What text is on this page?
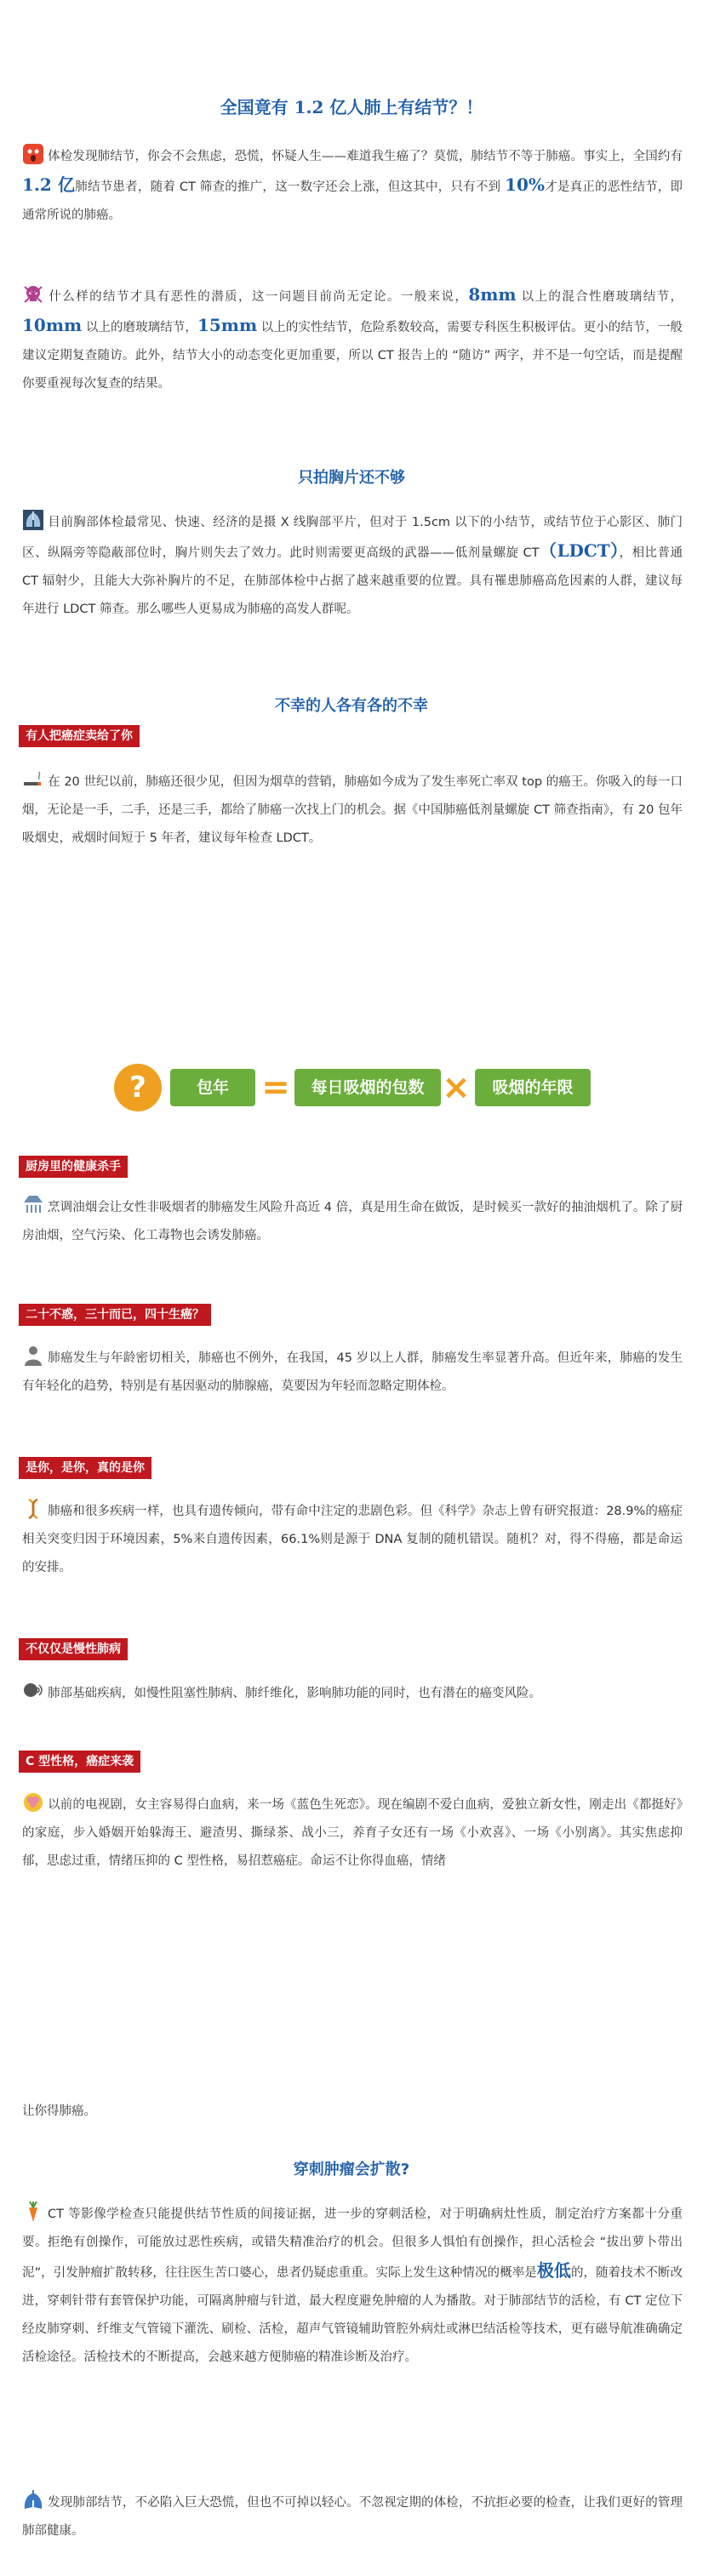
全国竟有 1.2 亿人肺上有结节？！
体检发现肺结节，你会不会焦虑，恐慌，怀疑人生——难道我生癌了？莫慌，肺结节不等于肺癌。事实上，全国约有 1.2 亿肺结节患者，随着 CT 筛查的推广，这一数字还会上涨，但这其中，只有不到 10%才是真正的恶性结节，即通常所说的肺癌。
什么样的结节才具有恶性的潜质，这一问题目前尚无定论。一般来说，8mm 以上的混合性磨玻璃结节，10mm 以上的磨玻璃结节，15mm 以上的实性结节，危险系数较高，需要专科医生积极评估。更小的结节，一般建议定期复查随访。此外，结节大小的动态变化更加重要，所以 CT 报告上的 “随访” 两字，并不是一句空话，而是提醒你要重视每次复查的结果。
只拍胸片还不够
目前胸部体检最常见、快速、经济的是摄 X 线胸部平片，但对于 1.5cm 以下的小结节，或结节位于心影区、肺门区、纵隔旁等隐蔽部位时，胸片则失去了效力。此时则需要更高级的武器——低剂量螺旋 CT（LDCT），相比普通 CT 辐射少，且能大大弥补胸片的不足，在肺部体检中占据了越来越重要的位置。具有罹患肺癌高危因素的人群，建议每年进行 LDCT 筛查。那么哪些人更易成为肺癌的高发人群呢。
不幸的人各有各的不幸
有人把癌症卖给了你
在 20 世纪以前，肺癌还很少见，但因为烟草的营销，肺癌如今成为了发生率死亡率双 top 的癌王。你吸入的每一口烟，无论是一手，二手，还是三手，都给了肺癌一次找上门的机会。据《中国肺癌低剂量螺旋 CT 筛查指南》，有 20 包年吸烟史，戒烟时间短于 5 年者，建议每年检查 LDCT。
?	包年 =	每日吸烟的包数 ×	吸烟的年限
厨房里的健康杀手
烹调油烟会让女性非吸烟者的肺癌发生风险升高近 4 倍，真是用生命在做饭，是时候买一款好的抽油烟机了。除了厨房油烟，空气污染、化工毒物也会诱发肺癌。
二十不惑，三十而已，四十生癌？
肺癌发生与年龄密切相关，肺癌也不例外，在我国，45 岁以上人群，肺癌发生率显著升高。但近年来，肺癌的发生有年轻化的趋势，特别是有基因驱动的肺腺癌，莫要因为年轻而忽略定期体检。
是你，是你，真的是你
肺癌和很多疾病一样，也具有遗传倾向，带有命中注定的悲剧色彩。但《科学》杂志上曾有研究报道：28.9%的癌症相关突变归因于环境因素，5%来自遗传因素，66.1%则是源于 DNA 复制的随机错误。随机？对，得不得癌，都是命运的安排。
不仅仅是慢性肺病
肺部基础疾病，如慢性阻塞性肺病、肺纤维化，影响肺功能的同时，也有潜在的癌变风险。
C 型性格，癌症来袭
以前的电视剧，女主容易得白血病，来一场《蓝色生死恋》。现在编剧不爱白血病，爱独立新女性，刚走出《都挺好》的家庭，步入婚姻开始躲海王、避渣男、撕绿茶、战小三，养育子女还有一场《小欢喜》、一场《小别离》。其实焦虑抑郁，思虑过重，情绪压抑的 C 型性格，易招惹癌症。命运不让你得血癌，情绪
让你得肺癌。
穿刺肿瘤会扩散?
CT 等影像学检查只能提供结节性质的间接证据，进一步的穿刺活检，对于明确病灶性质，制定治疗方案都十分重要。拒绝有创操作，可能放过恶性疾病，或错失精准治疗的机会。但很多人惧怕有创操作，担心活检会 “拔出萝卜带出泥”，引发肿瘤扩散转移，往往医生苦口婆心，患者仍疑虑重重。实际上发生这种情况的概率是极低的，随着技术不断改进，穿刺针带有套管保护功能，可隔离肿瘤与针道，最大程度避免肿瘤的人为播散。对于肺部结节的活检，有 CT 定位下经皮肺穿刺、纤维支气管镜下灌洗、刷检、活检，超声气管镜辅助管腔外病灶或淋巴结活检等技术，更有磁导航准确确定活检途径。活检技术的不断提高，会越来越方便肺癌的精准诊断及治疗。
发现肺部结节，不必陷入巨大恐慌，但也不可掉以轻心。不忽视定期的体检，不抗拒必要的检查，让我们更好的管理肺部健康。
